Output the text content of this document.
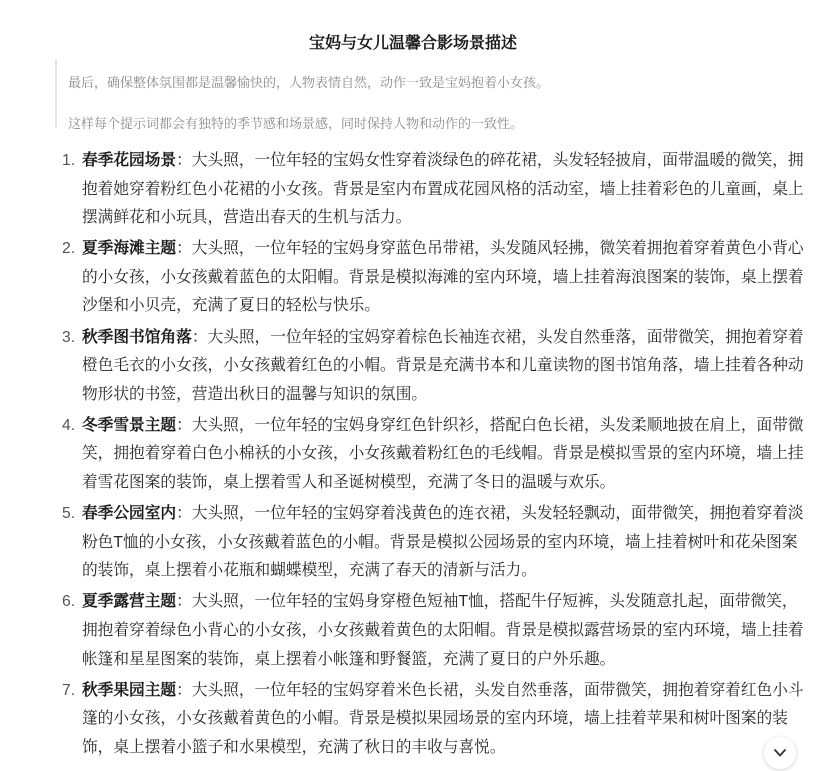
宝妈与女儿温馨合影场景描述

最后，确保整体氛围都是温馨愉快的，人物表情自然，动作一致是宝妈抱着小女孩。

这样每个提示词都会有独特的季节感和场景感，同时保持人物和动作的一致性。

1. 春季花园场景：大头照，一位年轻的宝妈女性穿着淡绿色的碎花裙，头发轻轻披肩，面带温暖的微笑，拥抱着她穿着粉红色小花裙的小女孩。背景是室内布置成花园风格的活动室，墙上挂着彩色的儿童画，桌上摆满鲜花和小玩具，营造出春天的生机与活力。
2. 夏季海滩主题：大头照，一位年轻的宝妈身穿蓝色吊带裙，头发随风轻拂，微笑着拥抱着穿着黄色小背心的小女孩，小女孩戴着蓝色的太阳帽。背景是模拟海滩的室内环境，墙上挂着海浪图案的装饰，桌上摆着沙堡和小贝壳，充满了夏日的轻松与快乐。
3. 秋季图书馆角落：大头照，一位年轻的宝妈穿着棕色长袖连衣裙，头发自然垂落，面带微笑，拥抱着穿着橙色毛衣的小女孩，小女孩戴着红色的小帽。背景是充满书本和儿童读物的图书馆角落，墙上挂着各种动物形状的书签，营造出秋日的温馨与知识的氛围。
4. 冬季雪景主题：大头照，一位年轻的宝妈身穿红色针织衫，搭配白色长裙，头发柔顺地披在肩上，面带微笑，拥抱着穿着白色小棉袄的小女孩，小女孩戴着粉红色的毛线帽。背景是模拟雪景的室内环境，墙上挂着雪花图案的装饰，桌上摆着雪人和圣诞树模型，充满了冬日的温暖与欢乐。
5. 春季公园室内：大头照，一位年轻的宝妈穿着浅黄色的连衣裙，头发轻轻飘动，面带微笑，拥抱着穿着淡粉色T恤的小女孩，小女孩戴着蓝色的小帽。背景是模拟公园场景的室内环境，墙上挂着树叶和花朵图案的装饰，桌上摆着小花瓶和蝴蝶模型，充满了春天的清新与活力。
6. 夏季露营主题：大头照，一位年轻的宝妈身穿橙色短袖T恤，搭配牛仔短裤，头发随意扎起，面带微笑，拥抱着穿着绿色小背心的小女孩，小女孩戴着黄色的太阳帽。背景是模拟露营场景的室内环境，墙上挂着帐篷和星星图案的装饰，桌上摆着小帐篷和野餐篮，充满了夏日的户外乐趣。
7. 秋季果园主题：大头照，一位年轻的宝妈穿着米色长裙，头发自然垂落，面带微笑，拥抱着穿着红色小斗篷的小女孩，小女孩戴着黄色的小帽。背景是模拟果园场景的室内环境，墙上挂着苹果和树叶图案的装饰，桌上摆着小篮子和水果模型，充满了秋日的丰收与喜悦。
